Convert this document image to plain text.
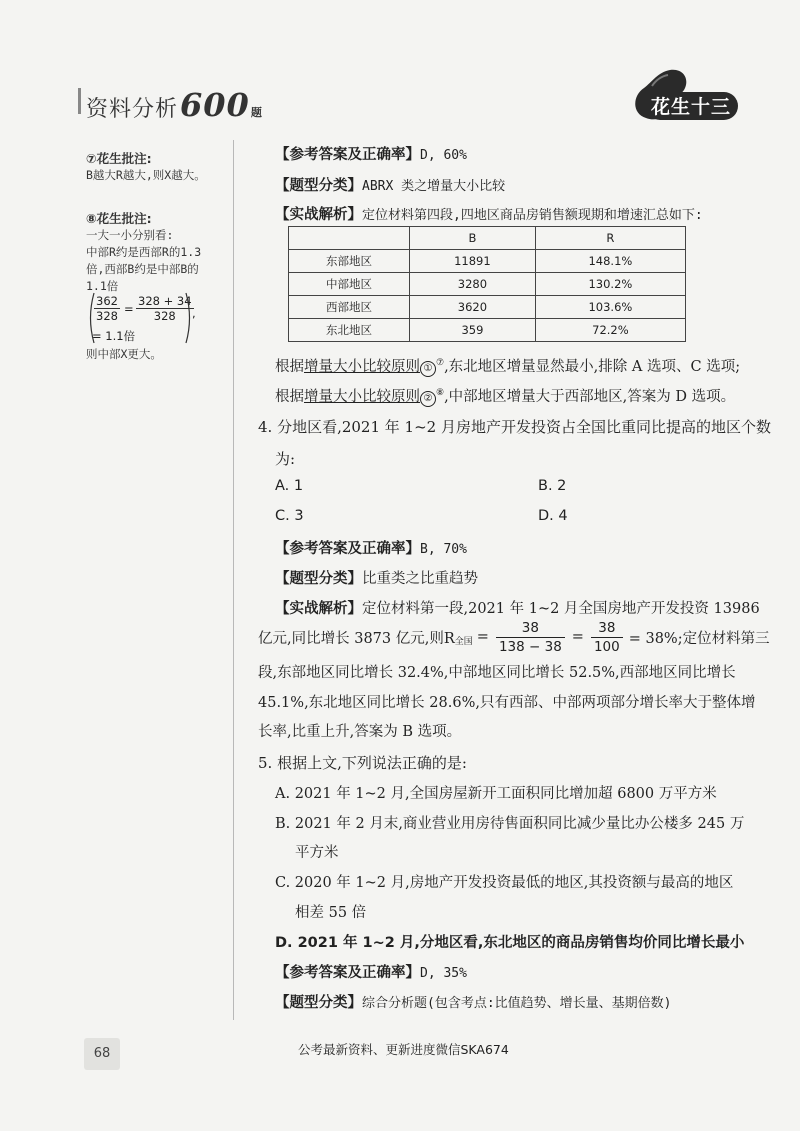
资料分析600题	花生十三
⑦花生批注:
B越大R越大,则X越大。
⑧花生批注:
一大一小分别看:
中部R约是西部R的1.3
倍,西部B约是中部B的
1.1倍
$\frac{362}{328} = \frac{328 + 34}{328}$
= 1.1倍
,
则中部X更大。
【参考答案及正确率】D, 60%
【题型分类】ABRX 类之增量大小比较
【实战解析】定位材料第四段,四地区商品房销售额现期和增速汇总如下:
	B	R
东部地区	11891	148.1%
中部地区	3280	130.2%
西部地区	3620	103.6%
东北地区	359	72.2%
根据增量大小比较原则 ① ⑦,东北地区增量显然最小,排除 A 选项、C 选项;
根据增量大小比较原则 ② ⑧,中部地区增量大于西部地区,答案为 D 选项。
4. 分地区看,2021 年 1~2 月房地产开发投资占全国比重同比提高的地区个数
为:
A. 1	B. 2
C. 3	D. 4
【参考答案及正确率】B, 70%
【题型分类】比重类之比重趋势
【实战解析】定位材料第一段,2021 年 1~2 月全国房地产开发投资 13986
亿元,同比增长 3873 亿元,则R 全国 = $\frac{38}{138 - 38} = \frac{38}{100} = 38\%$;定位材料第三
段,东部地区同比增长 32.4%,中部地区同比增长 52.5%,西部地区同比增长
45.1%,东北地区同比增长 28.6%,只有西部、中部两项部分增长率大于整体增
长率,比重上升,答案为 B 选项。
5. 根据上文,下列说法正确的是:
A. 2021 年 1~2 月,全国房屋新开工面积同比增加超 6800 万平方米
B. 2021 年 2 月末,商业营业用房待售面积同比减少量比办公楼多 245 万
平方米
C. 2020 年 1~2 月,房地产开发投资最低的地区,其投资额与最高的地区
相差 55 倍
D. 2021 年 1~2 月,分地区看,东北地区的商品房销售均价同比增长最小
【参考答案及正确率】D, 35%
【题型分类】综合分析题(包含考点:比值趋势、增长量、基期倍数)
68	公考最新资料、更新进度微信SKA674
